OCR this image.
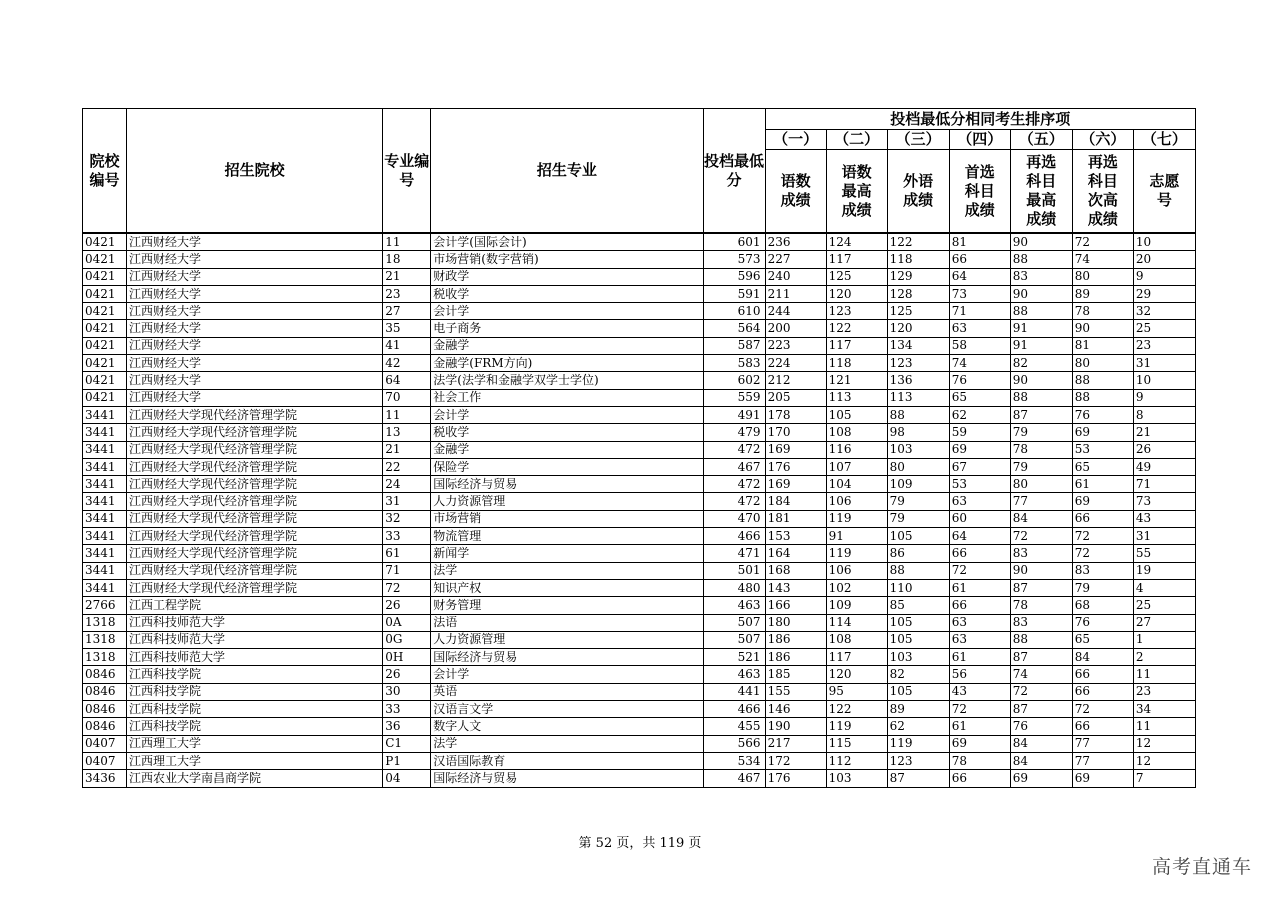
院校编号	招生院校	专业编号	招生专业	投档最低分	投档最低分相同考生排序项						
					（一）	（二）	（三）	（四）	（五）	（六）	（七）
					语数成绩	语数最高成绩	外语成绩	首选科目成绩	再选科目最高成绩	再选科目次高成绩	志愿号
0421	江西财经大学	11	会计学(国际会计)	601	236	124	122	81	90	72	10
0421	江西财经大学	18	市场营销(数字营销)	573	227	117	118	66	88	74	20
0421	江西财经大学	21	财政学	596	240	125	129	64	83	80	9
0421	江西财经大学	23	税收学	591	211	120	128	73	90	89	29
0421	江西财经大学	27	会计学	610	244	123	125	71	88	78	32
0421	江西财经大学	35	电子商务	564	200	122	120	63	91	90	25
0421	江西财经大学	41	金融学	587	223	117	134	58	91	81	23
0421	江西财经大学	42	金融学(FRM方向)	583	224	118	123	74	82	80	31
0421	江西财经大学	64	法学(法学和金融学双学士学位)	602	212	121	136	76	90	88	10
0421	江西财经大学	70	社会工作	559	205	113	113	65	88	88	9
3441	江西财经大学现代经济管理学院	11	会计学	491	178	105	88	62	87	76	8
3441	江西财经大学现代经济管理学院	13	税收学	479	170	108	98	59	79	69	21
3441	江西财经大学现代经济管理学院	21	金融学	472	169	116	103	69	78	53	26
3441	江西财经大学现代经济管理学院	22	保险学	467	176	107	80	67	79	65	49
3441	江西财经大学现代经济管理学院	24	国际经济与贸易	472	169	104	109	53	80	61	71
3441	江西财经大学现代经济管理学院	31	人力资源管理	472	184	106	79	63	77	69	73
3441	江西财经大学现代经济管理学院	32	市场营销	470	181	119	79	60	84	66	43
3441	江西财经大学现代经济管理学院	33	物流管理	466	153	91	105	64	72	72	31
3441	江西财经大学现代经济管理学院	61	新闻学	471	164	119	86	66	83	72	55
3441	江西财经大学现代经济管理学院	71	法学	501	168	106	88	72	90	83	19
3441	江西财经大学现代经济管理学院	72	知识产权	480	143	102	110	61	87	79	4
2766	江西工程学院	26	财务管理	463	166	109	85	66	78	68	25
1318	江西科技师范大学	0A	法语	507	180	114	105	63	83	76	27
1318	江西科技师范大学	0G	人力资源管理	507	186	108	105	63	88	65	1
1318	江西科技师范大学	0H	国际经济与贸易	521	186	117	103	61	87	84	2
0846	江西科技学院	26	会计学	463	185	120	82	56	74	66	11
0846	江西科技学院	30	英语	441	155	95	105	43	72	66	23
0846	江西科技学院	33	汉语言文学	466	146	122	89	72	87	72	34
0846	江西科技学院	36	数字人文	455	190	119	62	61	76	66	11
0407	江西理工大学	C1	法学	566	217	115	119	69	84	77	12
0407	江西理工大学	P1	汉语国际教育	534	172	112	123	78	84	77	12
3436	江西农业大学南昌商学院	04	国际经济与贸易	467	176	103	87	66	69	69	7
第 52 页，共 119 页
高考直通车
